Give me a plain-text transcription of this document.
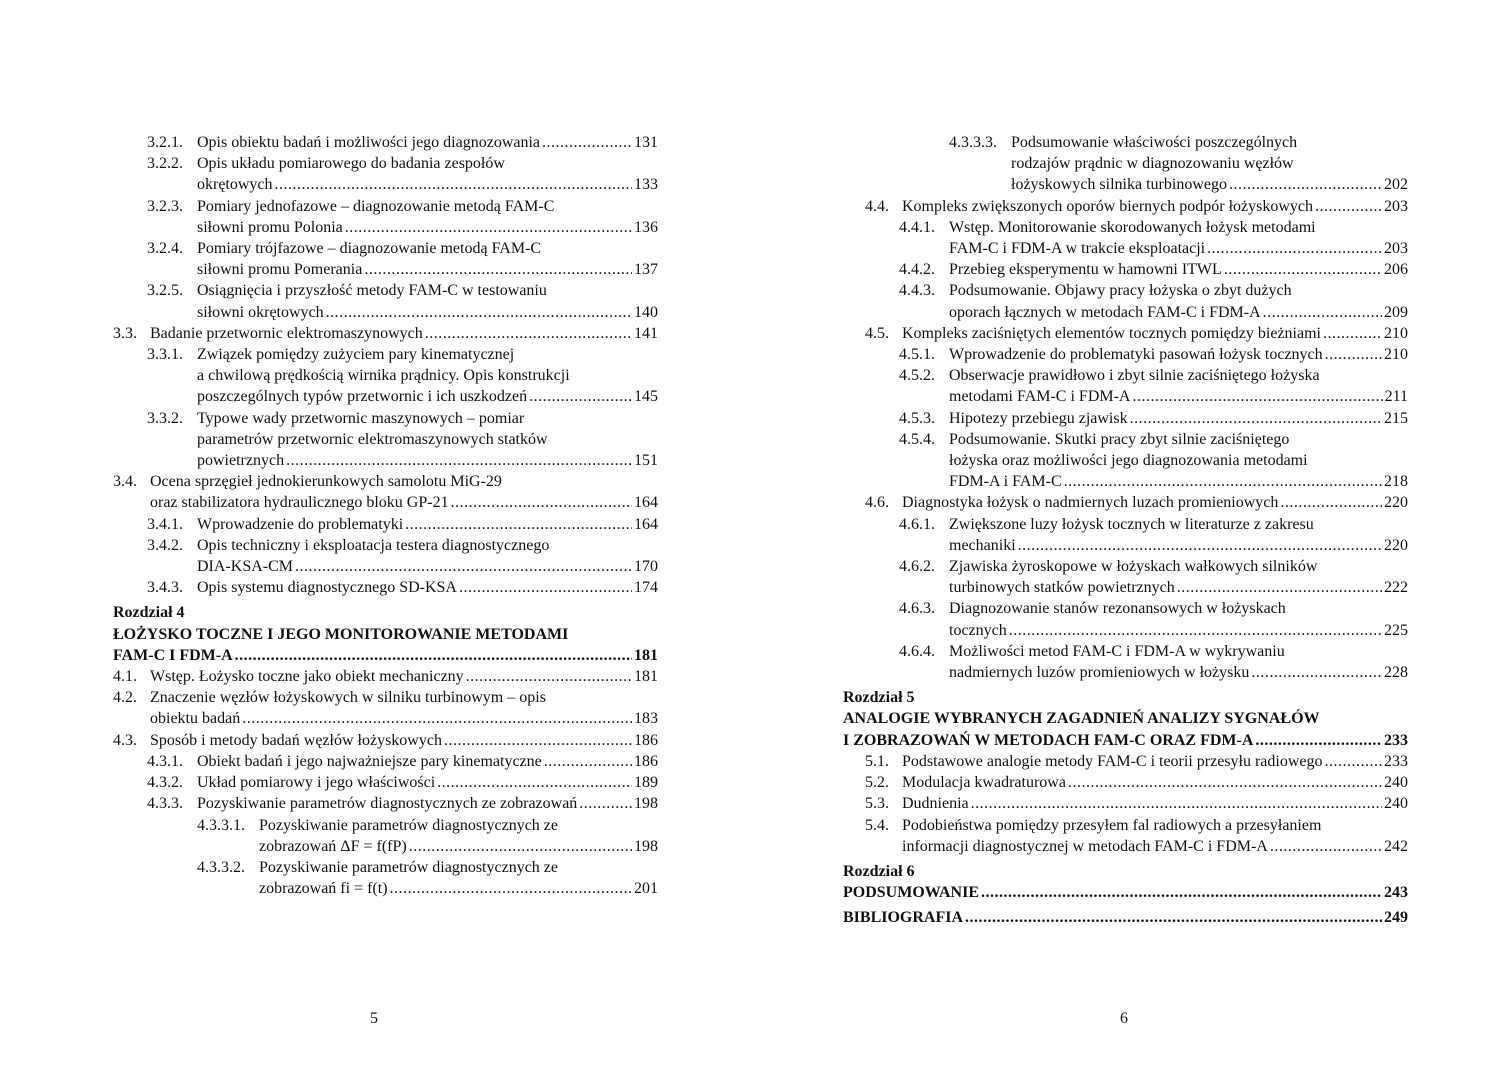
3.2.1. Opis obiektu badań i możliwości jego diagnozowania .....	131
3.2.2. Opis układu pomiarowego do badania zespołów
okrętowych .....	133
3.2.3. Pomiary jednofazowe – diagnozowanie metodą FAM-C
siłowni promu Polonia .....	136
3.2.4. Pomiary trójfazowe – diagnozowanie metodą FAM-C
siłowni promu Pomerania .....	137
3.2.5. Osiągnięcia i przyszłość metody FAM-C w testowaniu
siłowni okrętowych .....	140
3.3. Badanie przetwornic elektromaszynowych .....	141
3.3.1. Związek pomiędzy zużyciem pary kinematycznej
a chwilową prędkością wirnika prądnicy. Opis konstrukcji
poszczególnych typów przetwornic i ich uszkodzeń .....	145
3.3.2. Typowe wady przetwornic maszynowych – pomiar
parametrów przetwornic elektromaszynowych statków
powietrznych .....	151
3.4. Ocena sprzęgieł jednokierunkowych samolotu MiG-29
oraz stabilizatora hydraulicznego bloku GP-21 .....	164
3.4.1. Wprowadzenie do problematyki .....	164
3.4.2. Opis techniczny i eksploatacja testera diagnostycznego
DIA-KSA-CM .....	170
3.4.3. Opis systemu diagnostycznego SD-KSA .....	174
Rozdział 4
ŁOŻYSKO TOCZNE I JEGO MONITOROWANIE METODAMI
FAM-C I FDM-A .....	181
4.1. Wstęp. Łożysko toczne jako obiekt mechaniczny .....	181
4.2. Znaczenie węzłów łożyskowych w silniku turbinowym – opis
obiektu badań .....	183
4.3. Sposób i metody badań węzłów łożyskowych .....	186
4.3.1. Obiekt badań i jego najważniejsze pary kinematyczne .....	186
4.3.2. Układ pomiarowy i jego właściwości .....	189
4.3.3. Pozyskiwanie parametrów diagnostycznych ze zobrazowań .....	198
4.3.3.1. Pozyskiwanie parametrów diagnostycznych ze
zobrazowań ΔF = f(fP) .....	198
4.3.3.2. Pozyskiwanie parametrów diagnostycznych ze
zobrazowań fi = f(t) .....	201
4.3.3.3. Podsumowanie właściwości poszczególnych
rodzajów prądnic w diagnozowaniu węzłów
łożyskowych silnika turbinowego .....	202
4.4. Kompleks zwiększonych oporów biernych podpór łożyskowych .....	203
4.4.1. Wstęp. Monitorowanie skorodowanych łożysk metodami
FAM-C i FDM-A w trakcie eksploatacji .....	203
4.4.2. Przebieg eksperymentu w hamowni ITWL .....	206
4.4.3. Podsumowanie. Objawy pracy łożyska o zbyt dużych
oporach łącznych w metodach FAM-C i FDM-A .....	209
4.5. Kompleks zaciśniętych elementów tocznych pomiędzy bieżniami .....	210
4.5.1. Wprowadzenie do problematyki pasowań łożysk tocznych .....	210
4.5.2. Obserwacje prawidłowo i zbyt silnie zaciśniętego łożyska
metodami FAM-C i FDM-A .....	211
4.5.3. Hipotezy przebiegu zjawisk .....	215
4.5.4. Podsumowanie. Skutki pracy zbyt silnie zaciśniętego
łożyska oraz możliwości jego diagnozowania metodami
FDM-A i FAM-C .....	218
4.6. Diagnostyka łożysk o nadmiernych luzach promieniowych .....	220
4.6.1. Zwiększone luzy łożysk tocznych w literaturze z zakresu
mechaniki .....	220
4.6.2. Zjawiska żyroskopowe w łożyskach wałkowych silników
turbinowych statków powietrznych .....	222
4.6.3. Diagnozowanie stanów rezonansowych w łożyskach
tocznych .....	225
4.6.4. Możliwości metod FAM-C i FDM-A w wykrywaniu
nadmiernych luzów promieniowych w łożysku .....	228
Rozdział 5
ANALOGIE WYBRANYCH ZAGADNIEŃ ANALIZY SYGNAŁÓW
I ZOBRAZOWAŃ W METODACH FAM-C ORAZ FDM-A .....	233
5.1. Podstawowe analogie metody FAM-C i teorii przesyłu radiowego .....	233
5.2. Modulacja kwadraturowa .....	240
5.3. Dudnienia .....	240
5.4. Podobieństwa pomiędzy przesyłem fal radiowych a przesyłaniem
informacji diagnostycznej w metodach FAM-C i FDM-A .....	242
Rozdział 6
PODSUMOWANIE .....	243
BIBLIOGRAFIA .....	249
5	6
